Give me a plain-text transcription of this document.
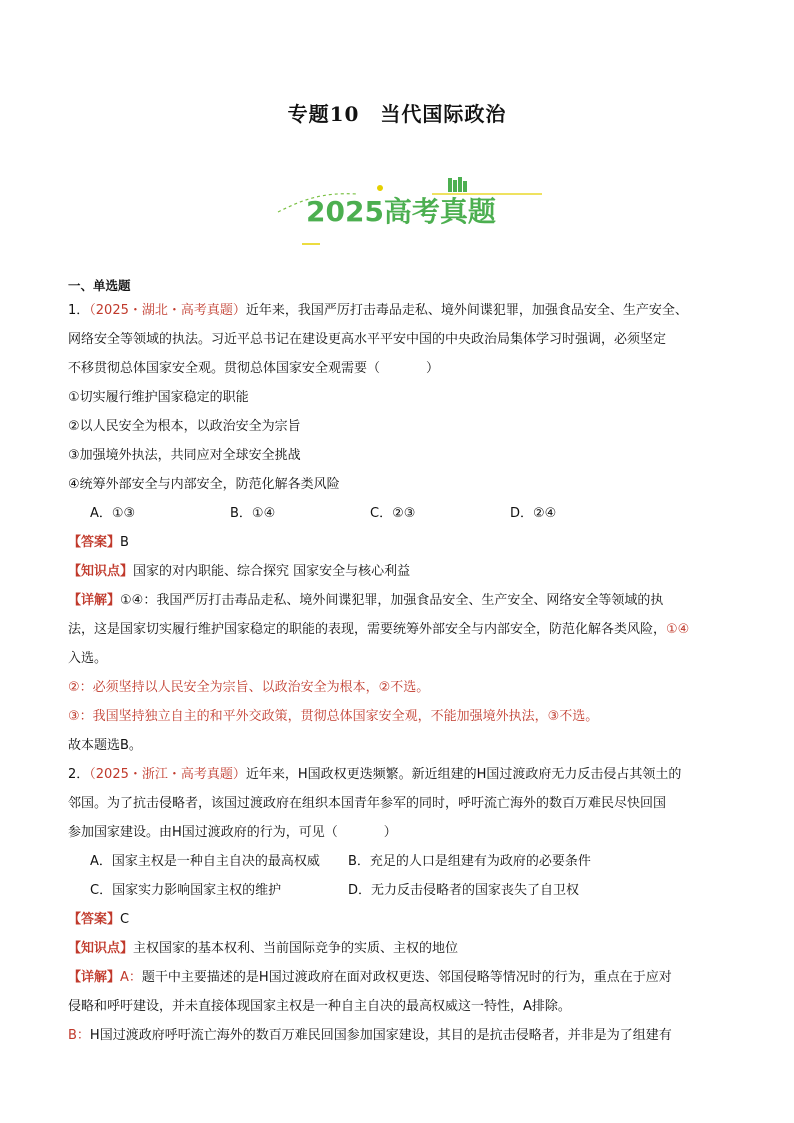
专题10　当代国际政治
2025高考真题
一、单选题
1．（2025・湖北・高考真题）近年来，我国严厉打击毒品走私、境外间谍犯罪，加强食品安全、生产安全、
网络安全等领域的执法。习近平总书记在建设更高水平平安中国的中央政治局集体学习时强调，必须坚定
不移贯彻总体国家安全观。贯彻总体国家安全观需要（	）
①切实履行维护国家稳定的职能
②以人民安全为根本，以政治安全为宗旨
③加强境外执法，共同应对全球安全挑战
④统筹外部安全与内部安全，防范化解各类风险
A．①③	B．①④	C．②③	D．②④
【答案】B
【知识点】国家的对内职能、综合探究 国家安全与核心利益
【详解】①④：我国严厉打击毒品走私、境外间谍犯罪，加强食品安全、生产安全、网络安全等领域的执
法，这是国家切实履行维护国家稳定的职能的表现，需要统筹外部安全与内部安全，防范化解各类风险，①④
入选。
②：必须坚持以人民安全为宗旨、以政治安全为根本，②不选。
③：我国坚持独立自主的和平外交政策，贯彻总体国家安全观，不能加强境外执法，③不选。
故本题选B。
2．（2025・浙江・高考真题）近年来，H国政权更迭频繁。新近组建的H国过渡政府无力反击侵占其领土的
邻国。为了抗击侵略者，该国过渡政府在组织本国青年参军的同时，呼吁流亡海外的数百万难民尽快回国
参加国家建设。由H国过渡政府的行为，可见（	）
A．国家主权是一种自主自决的最高权威	B．充足的人口是组建有为政府的必要条件
C．国家实力影响国家主权的维护	D．无力反击侵略者的国家丧失了自卫权
【答案】C
【知识点】主权国家的基本权利、当前国际竞争的实质、主权的地位
【详解】A：题干中主要描述的是H国过渡政府在面对政权更迭、邻国侵略等情况时的行为，重点在于应对
侵略和呼吁建设，并未直接体现国家主权是一种自主自决的最高权威这一特性，A排除。
B：H国过渡政府呼吁流亡海外的数百万难民回国参加国家建设，其目的是抗击侵略者，并非是为了组建有
